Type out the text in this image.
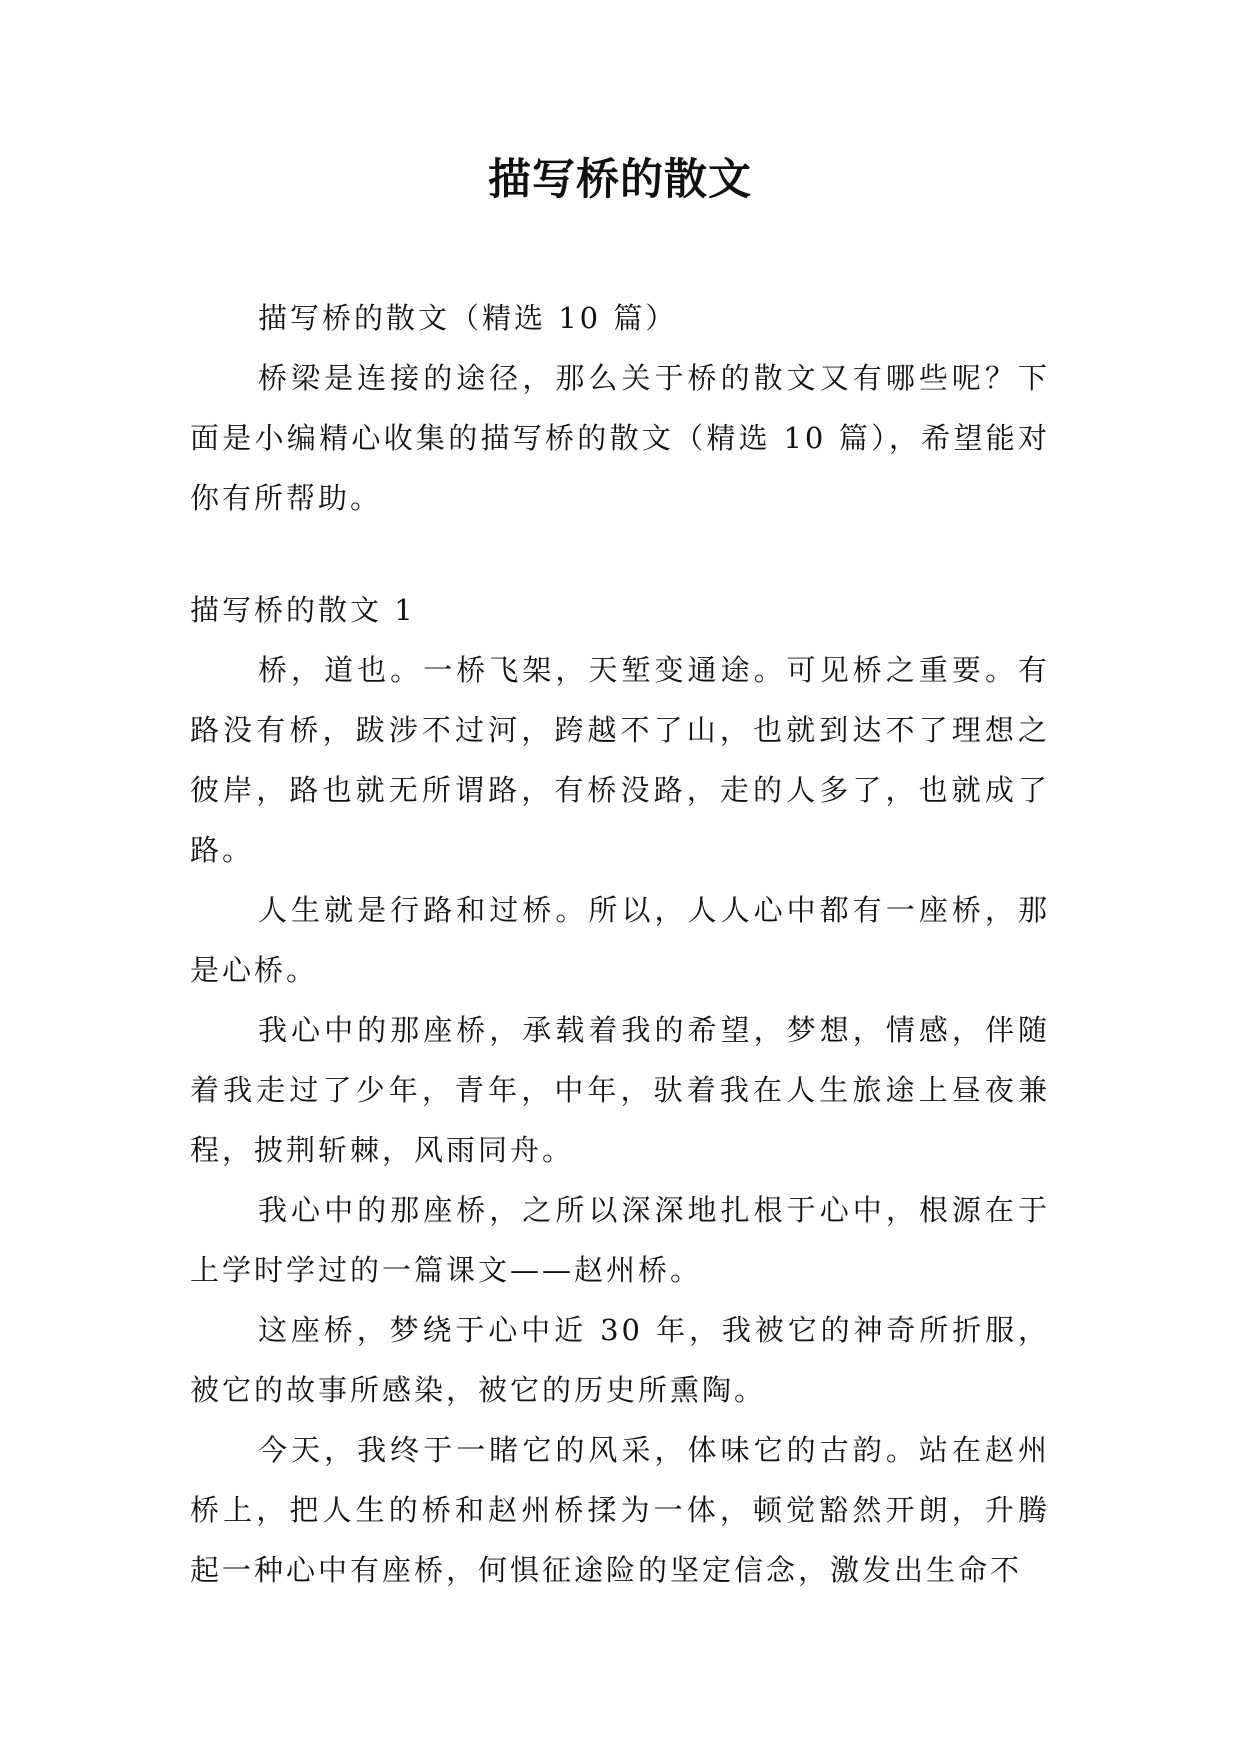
描写桥的散文

描写桥的散文（精选 10 篇）

桥梁是连接的途径，那么关于桥的散文又有哪些呢？下面是小编精心收集的描写桥的散文（精选 10 篇），希望能对你有所帮助。

描写桥的散文 1

桥，道也。一桥飞架，天堑变通途。可见桥之重要。有路没有桥，跋涉不过河，跨越不了山，也就到达不了理想之彼岸，路也就无所谓路，有桥没路，走的人多了，也就成了路。

人生就是行路和过桥。所以，人人心中都有一座桥，那是心桥。

我心中的那座桥，承载着我的希望，梦想，情感，伴随着我走过了少年，青年，中年，驮着我在人生旅途上昼夜兼程，披荆斩棘，风雨同舟。

我心中的那座桥，之所以深深地扎根于心中，根源在于上学时学过的一篇课文——赵州桥。

这座桥，梦绕于心中近 30 年，我被它的神奇所折服，被它的故事所感染，被它的历史所熏陶。

今天，我终于一睹它的风采，体味它的古韵。站在赵州桥上，把人生的桥和赵州桥揉为一体，顿觉豁然开朗，升腾起一种心中有座桥，何惧征途险的坚定信念，激发出生命不
